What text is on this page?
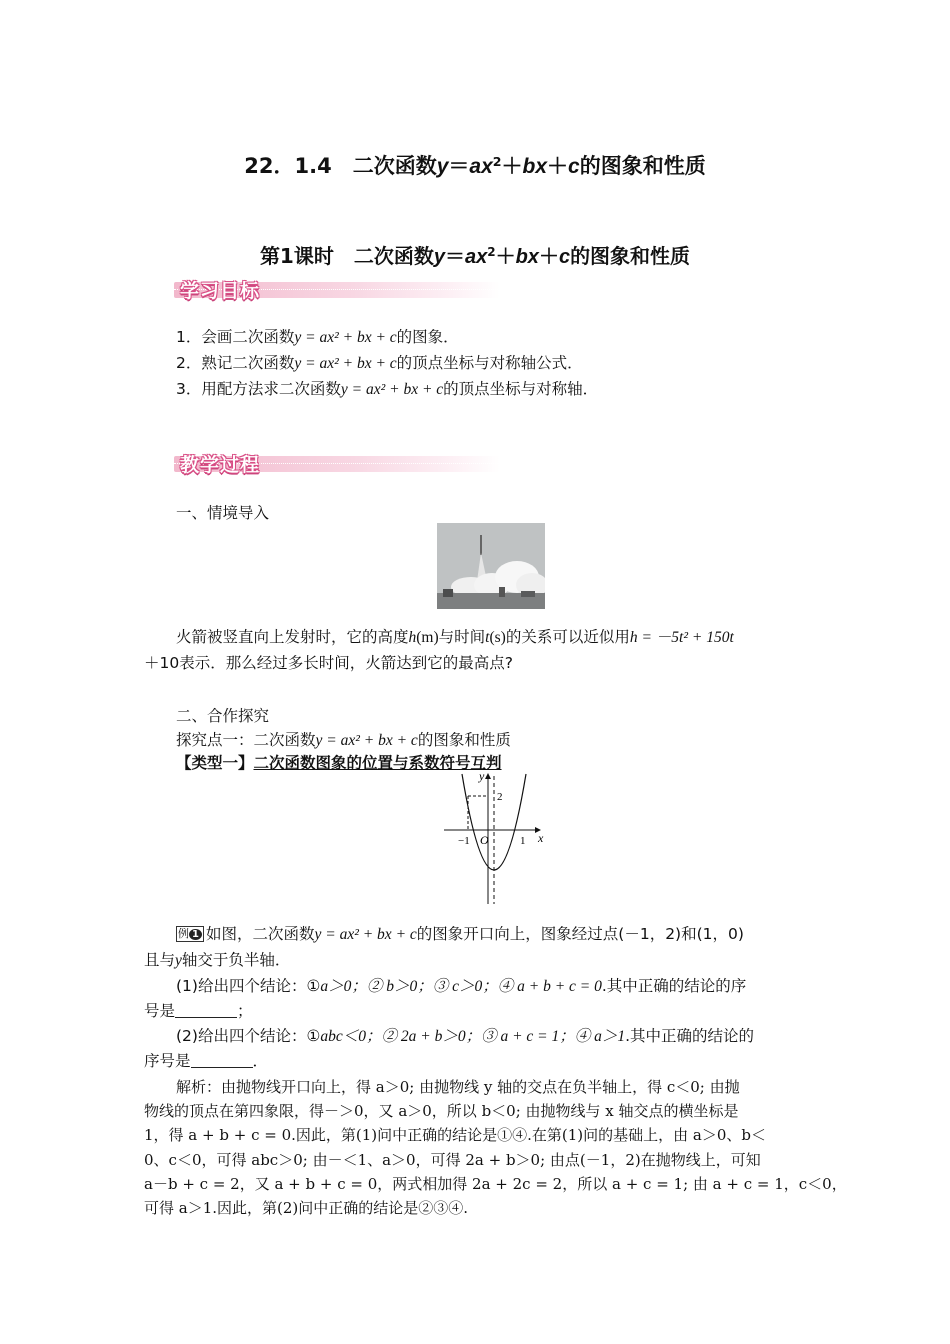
22．1.4　二次函数$y=ax^2+bx+c$的图象和性质
第1课时　二次函数$y=ax^2+bx+c$的图象和性质
学习目标
1．会画二次函数y = ax² + bx + c的图象．
2．熟记二次函数y = ax² + bx + c的顶点坐标与对称轴公式．
3．用配方法求二次函数y = ax² + bx + c的顶点坐标与对称轴．
教学过程
一、情境导入
火箭被竖直向上发射时，它的高度h(m)与时间t(s)的关系可以近似用h = －5t² + 150t
＋10表示．那么经过多长时间，火箭达到它的最高点?
二、合作探究
探究点一：二次函数y = ax² + bx + c的图象和性质
【类型一】二次函数图象的位置与系数符号互判
y
x
2
O
−1	1
例 1 如图，二次函数y = ax² + bx + c的图象开口向上，图象经过点(－1，2)和(1，0)
且与y轴交于负半轴．
(1)给出四个结论：①a＞0；② b＞0；③ c＞0；④ a + b + c = 0.其中正确的结论的序
号是	；
(2)给出四个结论：①abc＜0；② 2a + b＞0；③ a + c = 1；④ a＞1.其中正确的结论的
序号是	．
解析：由抛物线开口向上，得 a＞0; 由抛物线 y 轴的交点在负半轴上，得 c＜0; 由抛
物线的顶点在第四象限，得－＞0，又 a＞0，所以 b＜0; 由抛物线与 x 轴交点的横坐标是
1，得 a + b + c = 0.因此，第(1)问中正确的结论是①④.在第(1)问的基础上，由 a＞0、b＜
0、c＜0，可得 abc＞0; 由－＜1、a＞0，可得 2a + b＞0; 由点(－1，2)在抛物线上，可知
a－b + c = 2，又 a + b + c = 0，两式相加得 2a + 2c = 2，所以 a + c = 1; 由 a + c = 1，c＜0，
可得 a＞1.因此，第(2)问中正确的结论是②③④.
